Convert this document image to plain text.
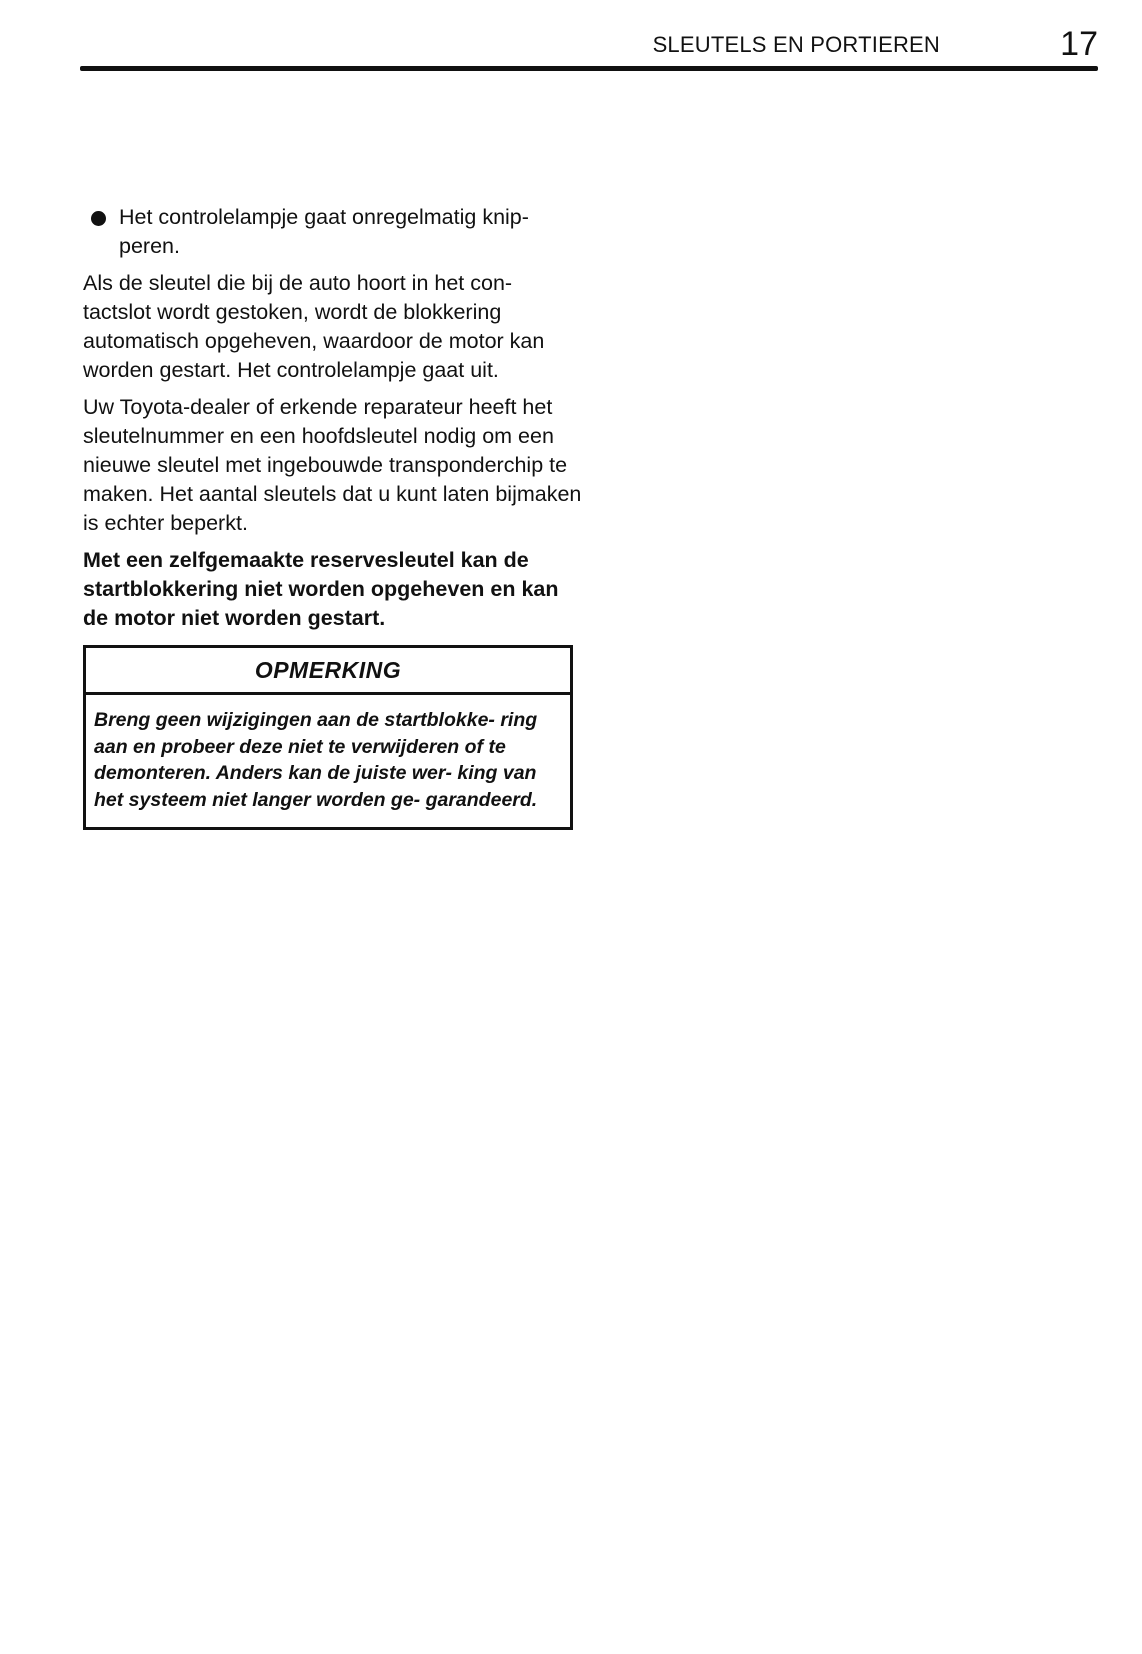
SLEUTELS EN PORTIEREN	17
Het controlelampje gaat onregelmatig knip- peren.

Als de sleutel die bij de auto hoort in het con- tactslot wordt gestoken, wordt de blokkering automatisch opgeheven, waardoor de motor kan worden gestart. Het controlelampje gaat uit.

Uw Toyota-dealer of erkende reparateur heeft het sleutelnummer en een hoofdsleutel nodig om een nieuwe sleutel met ingebouwde transponderchip te maken. Het aantal sleutels dat u kunt laten bijmaken is echter beperkt.

Met een zelfgemaakte reservesleutel kan de startblokkering niet worden opgeheven en kan de motor niet worden gestart.

OPMERKING
Breng geen wijzigingen aan de startblokke- ring aan en probeer deze niet te verwijderen of te demonteren. Anders kan de juiste wer- king van het systeem niet langer worden ge- garandeerd.
